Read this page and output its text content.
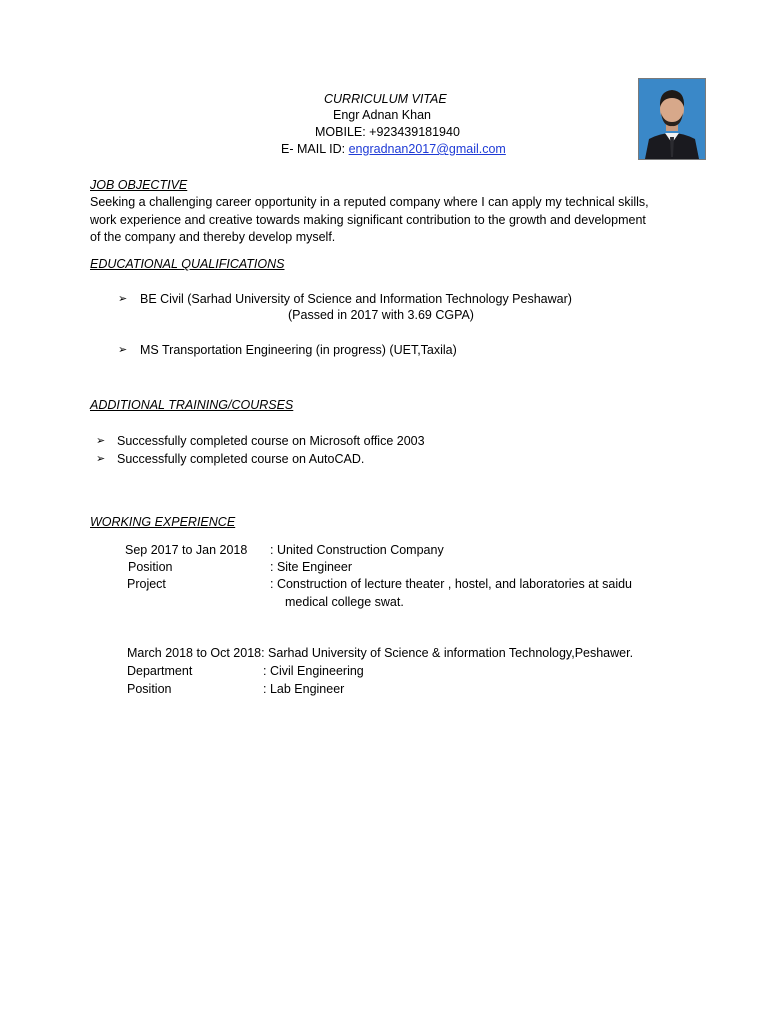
CURRICULUM VITAE
Engr Adnan Khan
MOBILE: +923439181940
E- MAIL ID: engradnan2017@gmail.com
JOB OBJECTIVE
Seeking a challenging career opportunity in a reputed company where I can apply my technical skills,
work experience and creative towards making significant contribution to the growth and development
of the company and thereby develop myself.
EDUCATIONAL QUALIFICATIONS
➢ BE Civil (Sarhad University of Science and Information Technology Peshawar)
(Passed in 2017 with 3.69 CGPA)
➢ MS Transportation Engineering (in progress) (UET,Taxila)
ADDITIONAL TRAINING/COURSES
➢ Successfully completed course on Microsoft office 2003
➢ Successfully completed course on AutoCAD.
WORKING EXPERIENCE
Sep 2017 to Jan 2018 : United Construction Company
Position	: Site Engineer
Project	: Construction of lecture theater , hostel, and laboratories at saidu
medical college swat.
March 2018 to Oct 2018: Sarhad University of Science & information Technology,Peshawer.
Department	: Civil Engineering
Position	: Lab Engineer
